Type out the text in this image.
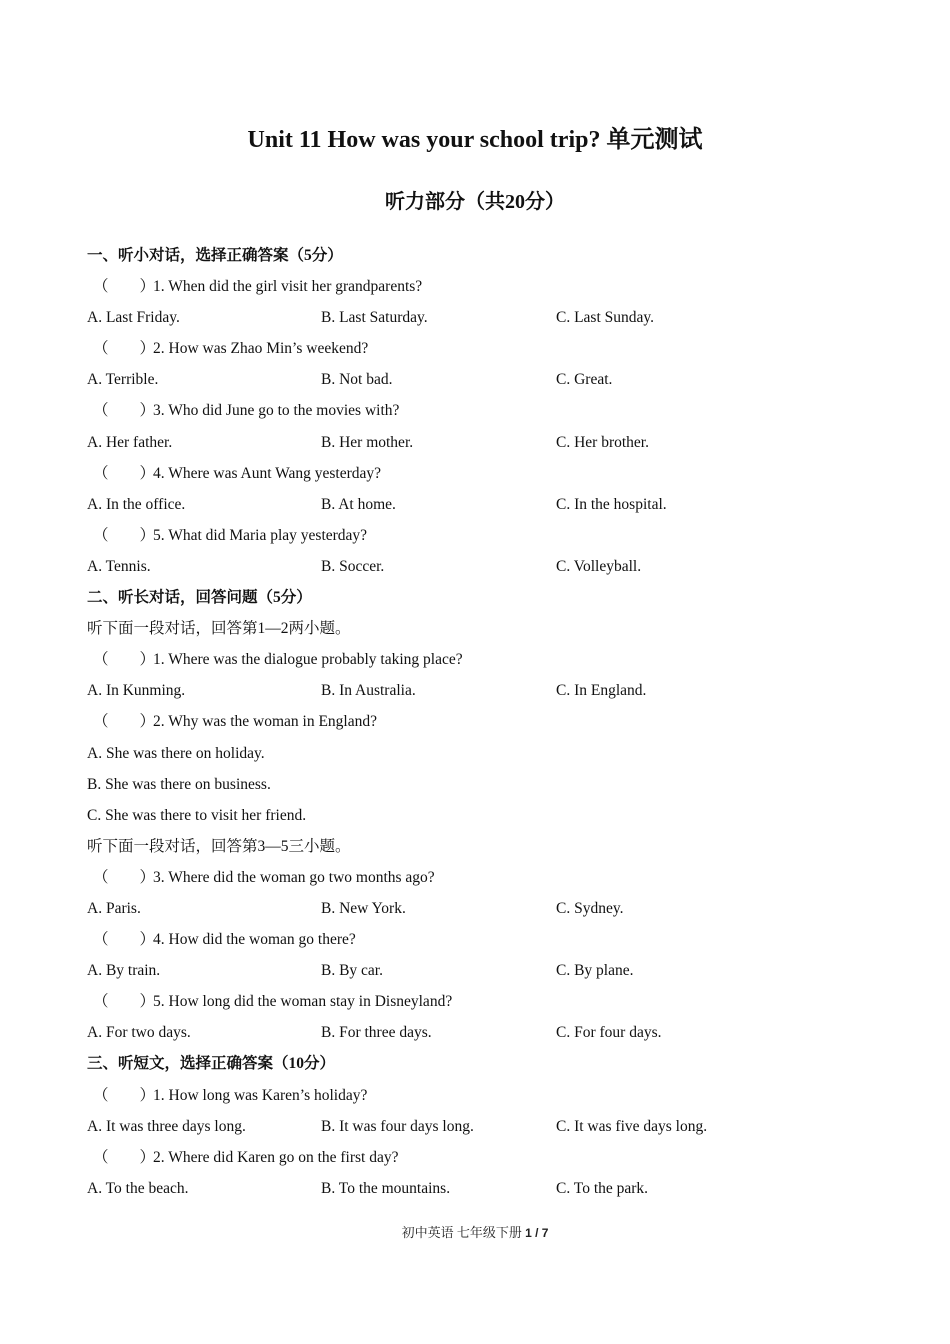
Unit 11 How was your school trip? 单元测试
听力部分（共20分）
一、听小对话，选择正确答案（5分）
（　　）1. When did the girl visit her grandparents?
A. Last Friday.	B. Last Saturday.	C. Last Sunday.
（　　）2. How was Zhao Min’s weekend?
A. Terrible.	B. Not bad.	C. Great.
（　　）3. Who did June go to the movies with?
A. Her father.	B. Her mother.	C. Her brother.
（　　）4. Where was Aunt Wang yesterday?
A. In the office.	B. At home.	C. In the hospital.
（　　）5. What did Maria play yesterday?
A. Tennis.	B. Soccer.	C. Volleyball.
二、听长对话，回答问题（5分）
听下面一段对话，回答第1—2两小题。
（　　）1. Where was the dialogue probably taking place?
A. In Kunming.	B. In Australia.	C. In England.
（　　）2. Why was the woman in England?
A. She was there on holiday.
B. She was there on business.
C. She was there to visit her friend.
听下面一段对话，回答第3—5三小题。
（　　）3. Where did the woman go two months ago?
A. Paris.	B. New York.	C. Sydney.
（　　）4. How did the woman go there?
A. By train.	B. By car.	C. By plane.
（　　）5. How long did the woman stay in Disneyland?
A. For two days.	B. For three days.	C. For four days.
三、听短文，选择正确答案（10分）
（　　）1. How long was Karen’s holiday?
A. It was three days long.	B. It was four days long.	C. It was five days long.
（　　）2. Where did Karen go on the first day?
A. To the beach.	B. To the mountains.	C. To the park.
初中英语 七年级下册 1 / 7
